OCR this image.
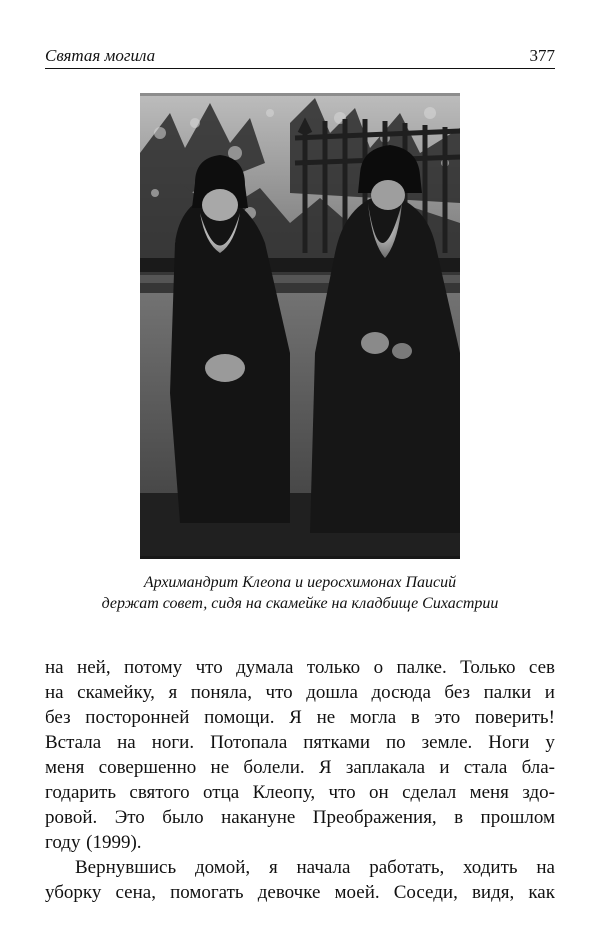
Святая могила	377
Архимандрит Клеопа и иеросхимонах Паисий
держат совет, сидя на скамейке на кладбище Сихастрии
на ней, потому что думала только о палке. Только сев
на скамейку, я поняла, что дошла досюда без палки и
без посторонней помощи. Я не могла в это поверить!
Встала на ноги. Потопала пятками по земле. Ноги у
меня совершенно не болели. Я заплакала и стала бла-
годарить святого отца Клеопу, что он сделал меня здо-
ровой. Это было накануне Преображения, в прошлом
году (1999).
Вернувшись домой, я начала работать, ходить на
уборку сена, помогать девочке моей. Соседи, видя, как
